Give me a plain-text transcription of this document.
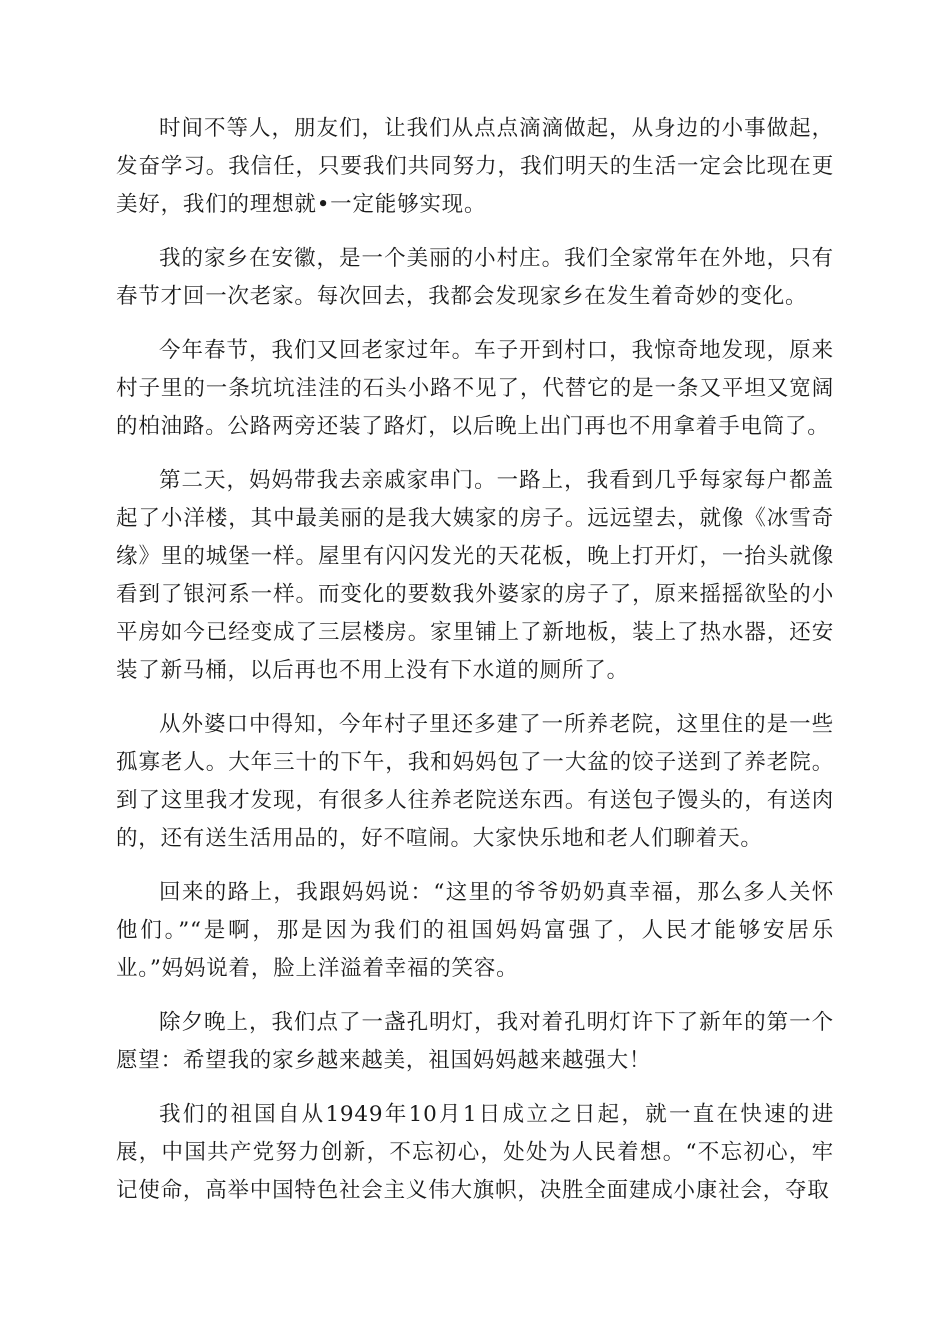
时间不等人，朋友们，让我们从点点滴滴做起，从身边的小事做起，发奋学习。我信任，只要我们共同努力，我们明天的生活一定会比现在更美好，我们的理想就•一定能够实现。

我的家乡在安徽，是一个美丽的小村庄。我们全家常年在外地，只有春节才回一次老家。每次回去，我都会发现家乡在发生着奇妙的变化。

今年春节，我们又回老家过年。车子开到村口，我惊奇地发现，原来村子里的一条坑坑洼洼的石头小路不见了，代替它的是一条又平坦又宽阔的柏油路。公路两旁还装了路灯，以后晚上出门再也不用拿着手电筒了。

第二天，妈妈带我去亲戚家串门。一路上，我看到几乎每家每户都盖起了小洋楼，其中最美丽的是我大姨家的房子。远远望去，就像《冰雪奇缘》里的城堡一样。屋里有闪闪发光的天花板，晚上打开灯，一抬头就像看到了银河系一样。而变化的要数我外婆家的房子了，原来摇摇欲坠的小平房如今已经变成了三层楼房。家里铺上了新地板，装上了热水器，还安装了新马桶，以后再也不用上没有下水道的厕所了。

从外婆口中得知，今年村子里还多建了一所养老院，这里住的是一些孤寡老人。大年三十的下午，我和妈妈包了一大盆的饺子送到了养老院。到了这里我才发现，有很多人往养老院送东西。有送包子馒头的，有送肉的，还有送生活用品的，好不喧闹。大家快乐地和老人们聊着天。

回来的路上，我跟妈妈说：“这里的爷爷奶奶真幸福，那么多人关怀他们。”“是啊，那是因为我们的祖国妈妈富强了，人民才能够安居乐业。”妈妈说着，脸上洋溢着幸福的笑容。

除夕晚上，我们点了一盏孔明灯，我对着孔明灯许下了新年的第一个愿望：希望我的家乡越来越美，祖国妈妈越来越强大！

我们的祖国自从1949年10月1日成立之日起，就一直在快速的进展，中国共产党努力创新，不忘初心，处处为人民着想。“不忘初心，牢记使命，高举中国特色社会主义伟大旗帜，决胜全面建成小康社会，夺取
